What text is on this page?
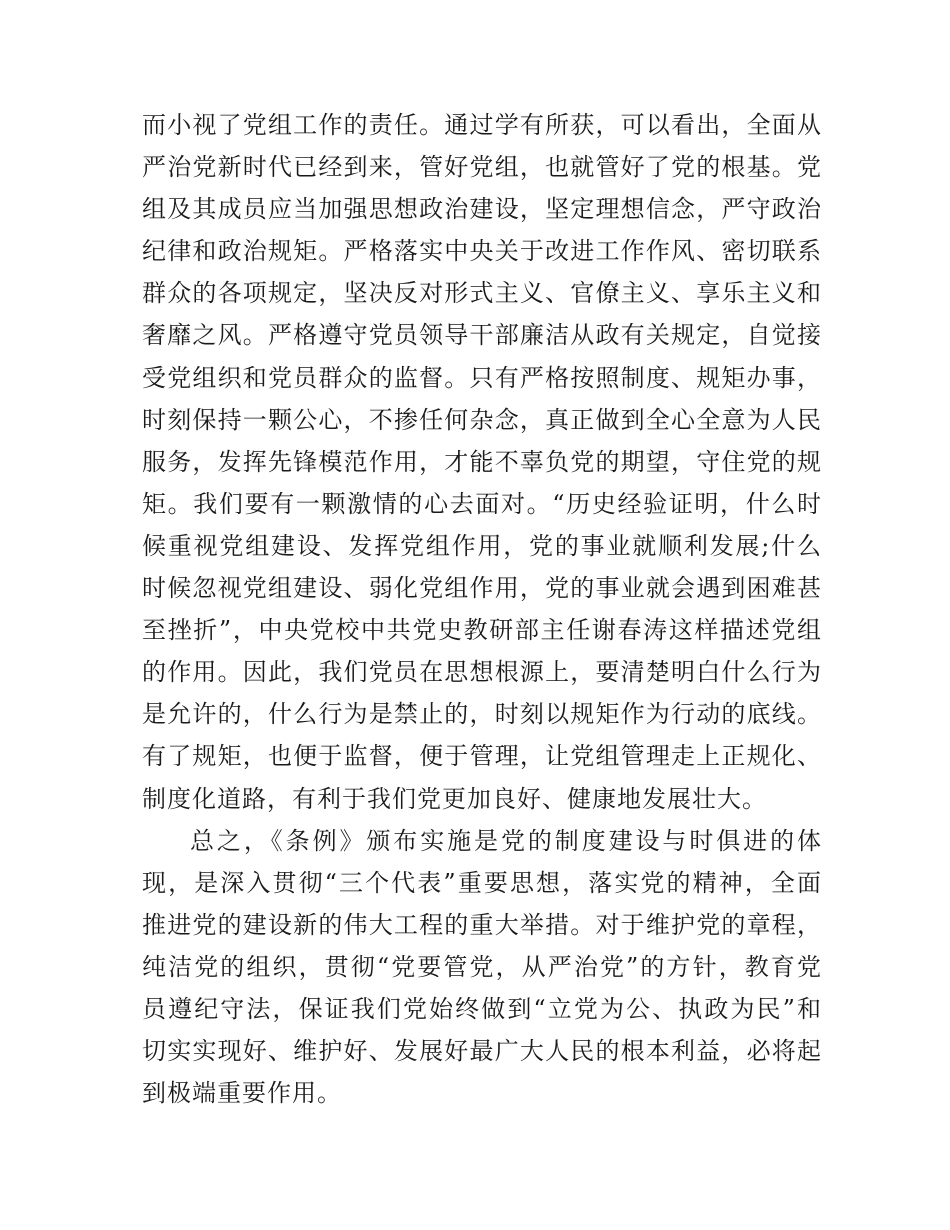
而小视了党组工作的责任。通过学有所获，可以看出，全面从
严治党新时代已经到来，管好党组，也就管好了党的根基。党
组及其成员应当加强思想政治建设，坚定理想信念，严守政治
纪律和政治规矩。严格落实中央关于改进工作作风、密切联系
群众的各项规定，坚决反对形式主义、官僚主义、享乐主义和
奢靡之风。严格遵守党员领导干部廉洁从政有关规定，自觉接
受党组织和党员群众的监督。只有严格按照制度、规矩办事，
时刻保持一颗公心，不掺任何杂念，真正做到全心全意为人民
服务，发挥先锋模范作用，才能不辜负党的期望，守住党的规
矩。我们要有一颗激情的心去面对。“历史经验证明，什么时
候重视党组建设、发挥党组作用，党的事业就顺利发展;什么
时候忽视党组建设、弱化党组作用，党的事业就会遇到困难甚
至挫折”，中央党校中共党史教研部主任谢春涛这样描述党组
的作用。因此，我们党员在思想根源上，要清楚明白什么行为
是允许的，什么行为是禁止的，时刻以规矩作为行动的底线。
有了规矩，也便于监督，便于管理，让党组管理走上正规化、
制度化道路，有利于我们党更加良好、健康地发展壮大。
总之，《条例》颁布实施是党的制度建设与时俱进的体
现，是深入贯彻“三个代表”重要思想，落实党的精神，全面
推进党的建设新的伟大工程的重大举措。对于维护党的章程，
纯洁党的组织，贯彻“党要管党，从严治党”的方针，教育党
员遵纪守法，保证我们党始终做到“立党为公、执政为民”和
切实实现好、维护好、发展好最广大人民的根本利益，必将起
到极端重要作用。
